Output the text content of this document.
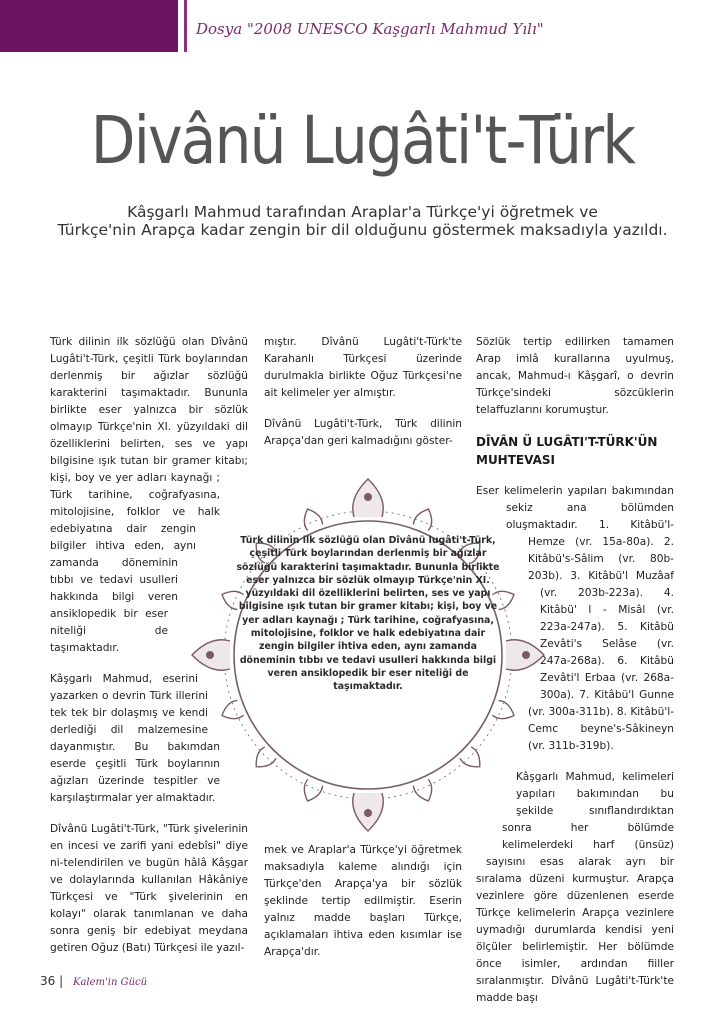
Dosya "2008 UNESCO Kaşgarlı Mahmud Yılı"
Divânü Lugâti't-Türk
Kâşgarlı Mahmud tarafından Araplar'a Türkçe'yi öğretmek ve
Türkçe'nin Arapça kadar zengin bir dil olduğunu göstermek maksadıyla yazıldı.

Türk dilinin ilk sözlüğü olan Dîvânü Lugâti't-Türk, çeşitli Türk boylarından derlenmiş bir ağızlar sözlüğü karakterini taşımaktadır. Bununla birlikte eser yalnızca bir sözlük olmayıp Türkçe'nin XI. yüzyıldaki dil özelliklerini belirten, ses ve yapı bilgisine ışık tutan bir gramer kitabı; kişi, boy ve yer adları kaynağı ; Türk tarihine, coğrafyasına, mitolojisine, folklor ve halk edebiyatına dair zengin bilgiler ihtiva eden, aynı zamanda döneminin tıbbı ve tedavi usulleri hakkında bilgi veren ansiklopedik bir eser niteliği de taşımaktadır.

Kâşgarlı Mahmud, eserini yazarken o devrin Türk illerini tek tek bir dolaşmış ve kendi derlediği dil malzemesine dayanmıştır. Bu bakımdan eserde çeşitli Türk boylarının ağızları üzerinde tespitler ve karşılaştırmalar yer almaktadır.

Dîvânü Lugâti't-Türk, "Türk şivelerinin en incesi ve zarifi yani edebîsi" diye ni-telendirilen ve bugün hâlâ Kâşgar ve dolaylarında kullanılan Hâkâniye Türkçesi ve "Türk şivelerinin en kolayı" olarak tanımlanan ve daha sonra geniş bir edebiyat meydana getiren Oğuz (Batı) Türkçesi ile yazıl-

mıştır. Dîvânü Lugâti't-Türk'te Karahanlı Türkçesi üzerinde durulmakla birlikte Oğuz Türkçesi'ne ait kelimeler yer almıştır.

Dîvânü Lugâti't-Türk, Türk dilinin Arapça'dan geri kalmadığını göster-

Sözlük tertip edilirken tamamen Arap imlâ kurallarına uyulmuş, ancak, Mahmud-ı Kâşgarî, o devrin Türkçe'sindeki sözcüklerin telaffuzlarını korumuştur.

DÎVÂN Ü LUGÂTI'T-TÜRK'ÜN MUHTEVASI

Eser kelimelerin yapıları bakımından sekiz ana bölümden oluşmaktadır. 1. Kitâbü'l-Hemze (vr. 15a-80a). 2. Kitâbü's-Sâlim (vr. 80b-203b). 3. Kitâbü'l Muzâaf (vr. 203b-223a). 4. Kitâbü' l - Misâl (vr. 223a-247a). 5. Kitâbü Zevâti's Selâse (vr. 247a-268a). 6. Kitâbü Zevâti'l Erbaa (vr. 268a-300a). 7. Kitâbü'l Gunne (vr. 300a-311b). 8. Kitâbü'l-Cemc beyne's-Sâkineyn (vr. 311b-319b).

Kâşgarlı Mahmud, kelimeleri yapıları bakımından bu şekilde sınıflandırdıktan sonra her bölümde kelimelerdeki harf (ünsüz) sayısını esas alarak ayrı bir sıralama düzeni kurmuştur. Arapça vezinlere göre düzenlenen eserde Türkçe kelimelerin Arapça vezinlere uymadığı durumlarda kendisi yeni ölçüler belirlemiştir. Her bölümde önce isimler, ardından fiiller sıralanmıştır. Dîvânü Lugâti't-Türk'te madde başı

mek ve Araplar'a Türkçe'yi öğretmek maksadıyla kaleme alındığı için Türkçe'den Arapça'ya bir sözlük şeklinde tertip edilmiştir. Eserin yalnız madde başları Türkçe, açıklamaları ihtiva eden kısımlar ise Arapça'dır.
Türk dilinin ilk sözlüğü olan Dîvânü lugâti't-Türk, çeşitli Türk boylarından derlenmiş bir ağızlar sözlüğü karakterini taşımaktadır. Bununla birlikte eser yalnızca bir sözlük olmayıp Türkçe'nin XI. yüzyıldaki dil özelliklerini belirten, ses ve yapı bilgisine ışık tutan bir gramer kitabı; kişi, boy ve yer adları kaynağı ; Türk tarihine, coğrafyasına, mitolojisine, folklor ve halk edebiyatına dair zengin bilgiler ihtiva eden, aynı zamanda döneminin tıbbı ve tedavi usulleri hakkında bilgi veren ansiklopedik bir eser niteliği de taşımaktadır.
36 | Kalem'in Gücü
